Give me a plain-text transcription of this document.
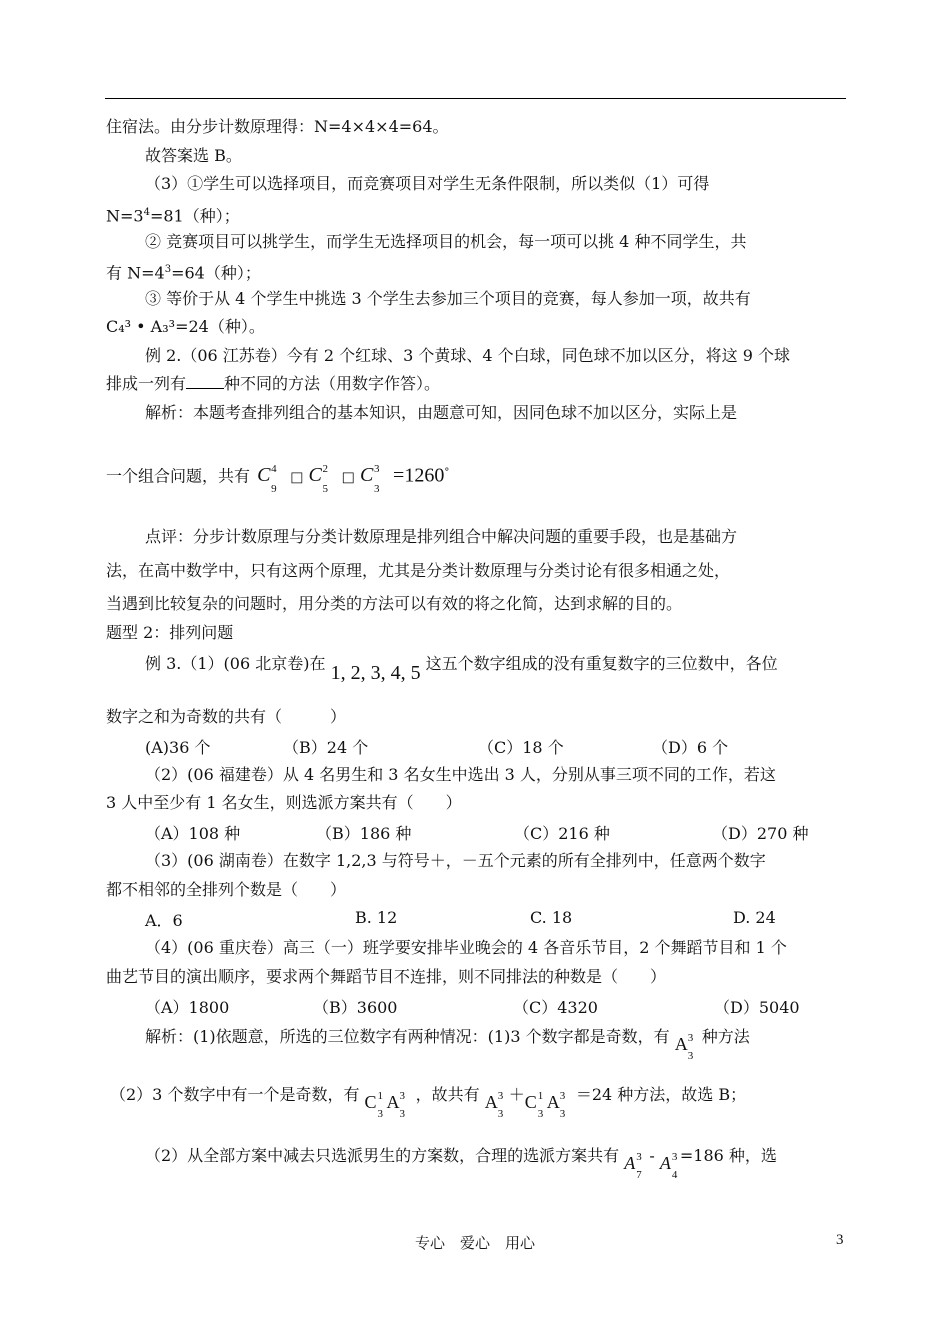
住宿法。由分步计数原理得：N=4×4×4=64。
故答案选 B。
（3）①学生可以选择项目，而竞赛项目对学生无条件限制，所以类似（1）可得
$N=3^4=81$（种）；
② 竞赛项目可以挑学生，而学生无选择项目的机会，每一项可以挑 4 种不同学生，共
有 $N=4^3=64$（种）；
③ 等价于从 4 个学生中挑选 3 个学生去参加三个项目的竞赛，每人参加一项，故共有
C₄³ • A₃³=24（种）。
例 2.（06 江苏卷）今有 2 个红球、3 个黄球、4 个白球，同色球不加以区分，将这 9 个球
排成一列有 种不同的方法（用数字作答）。
解析：本题考查排列组合的基本知识，由题意可知，因同色球不加以区分，实际上是
一个组合问题，共有 C 4
9
□ C 2
5
□ C 3
3
=1260°
点评：分步计数原理与分类计数原理是排列组合中解决问题的重要手段，也是基础方
法，在高中数学中，只有这两个原理，尤其是分类计数原理与分类讨论有很多相通之处，
当遇到比较复杂的问题时，用分类的方法可以有效的将之化简，达到求解的目的。
题型 2：排列问题
例 3.（1）(06 北京卷)在 1, 2, 3, 4, 5 这五个数字组成的没有重复数字的三位数中，各位
数字之和为奇数的共有（　　　）
(A)36 个	（B）24 个	（C）18 个	（D）6 个
（2）(06 福建卷）从 4 名男生和 3 名女生中选出 3 人，分别从事三项不同的工作，若这
3 人中至少有 1 名女生，则选派方案共有（　　）
（A）108 种	（B）186 种	（C）216 种	（D）270 种
（3）(06 湖南卷）在数字 1,2,3 与符号＋，－五个元素的所有全排列中，任意两个数字
都不相邻的全排列个数是（　　）
A．6	B. 12	C. 18	D. 24
（4）(06 重庆卷）高三（一）班学要安排毕业晚会的 4 各音乐节目，2 个舞蹈节目和 1 个
曲艺节目的演出顺序，要求两个舞蹈节目不连排，则不同排法的种数是（　　）
（A）1800	（B）3600	（C）4320	（D）5040
解析：(1)依题意，所选的三位数字有两种情况：(1)3 个数字都是奇数，有 A 3
3
种方法
（2）3 个数字中有一个是奇数，有 C 1
3
A 3
3
，故共有 A 3
3
＋C 1
3
A 3
3
＝24 种方法，故选 B；
（2）从全部方案中减去只选派男生的方案数，合理的选派方案共有 A 3
7
- A 3
4
=186 种，选
专心　爱心　用心	3
